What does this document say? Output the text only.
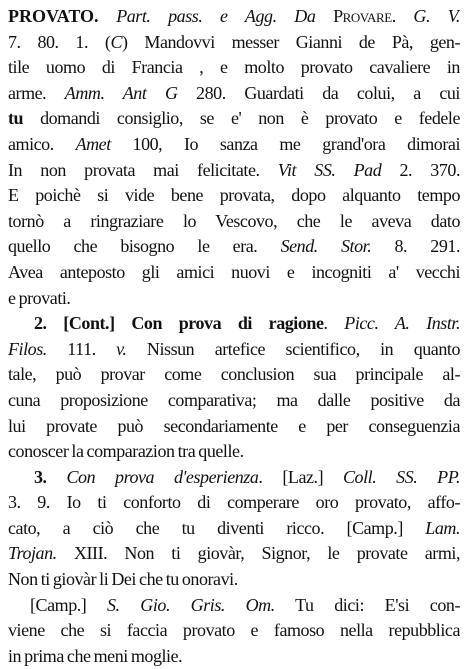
PROVATO. Part. pass. e Agg. Da Provare. G. V.
7. 80. 1. (C) Mandovvi messer Gianni de Pà, gen-
tile uomo di Francia , e molto provato cavaliere in
arme. Amm. Ant G 280. Guardati da colui, a cui
tu domandi consiglio, se e' non è provato e fedele
amico. Amet 100, Io sanza me grand'ora dimorai
In non provata mai felicitate. Vit SS. Pad 2. 370.
E poichè si vide bene provata, dopo alquanto tempo
tornò a ringraziare lo Vescovo, che le aveva dato
quello che bisogno le era. Send. Stor. 8. 291.
Avea anteposto gli amici nuovi e incogniti a' vecchi
e provati.
2. [Cont.] Con prova di ragione. Picc. A. Instr.
Filos. 111. v. Nissun artefice scientifico, in quanto
tale, può provar come conclusion sua principale al-
cuna proposizione comparativa; ma dalle positive da
lui provate può secondariamente e per conseguenzia
conoscer la comparazion tra quelle.
3. Con prova d'esperienza. [Laz.] Coll. SS. PP.
3. 9. Io ti conforto di comperare oro provato, affo-
cato, a ciò che tu diventi ricco. [Camp.] Lam.
Trojan. XIII. Non ti giovàr, Signor, le provate armi,
Non ti giovàr li Dei che tu onoravi.
[Camp.] S. Gio. Gris. Om. Tu dici: E'si con-
viene che si faccia provato e famoso nella repubblica
in prima che meni moglie.
